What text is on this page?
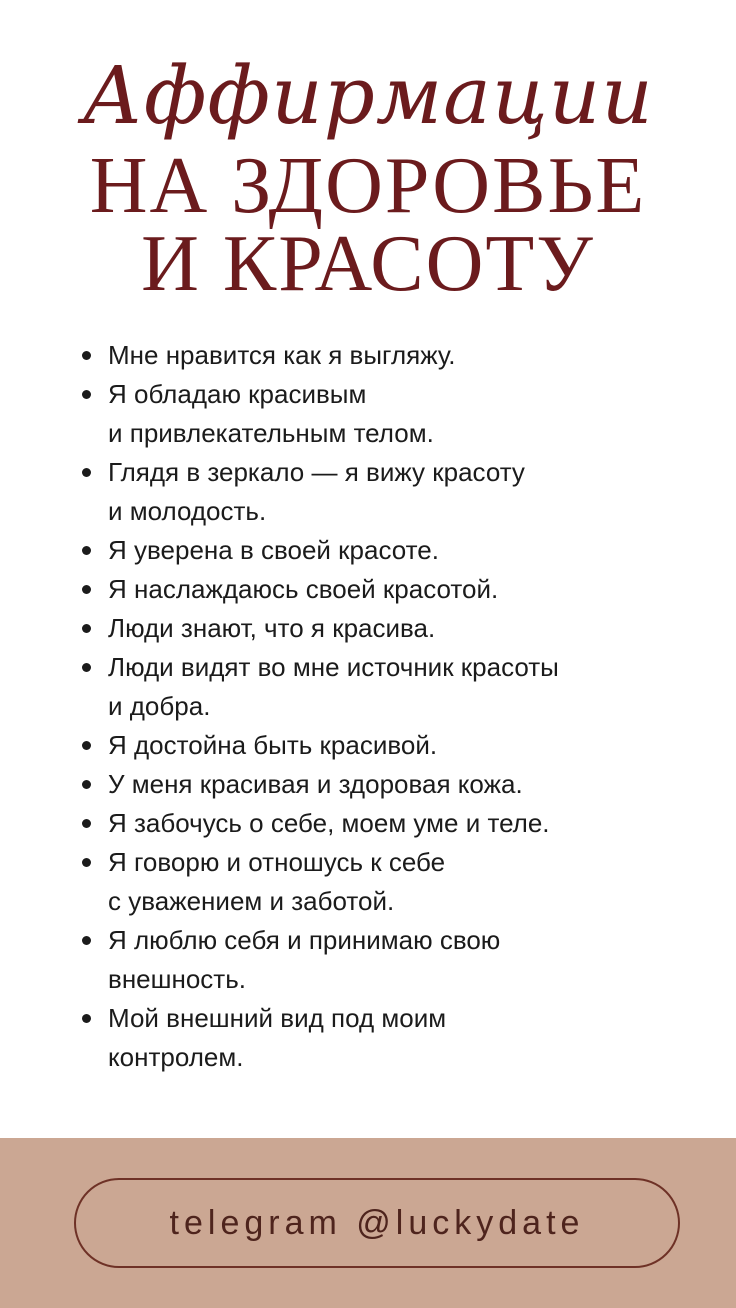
Аффирмации
НА ЗДОРОВЬЕ
И КРАСОТУ
Мне нравится как я выгляжу.
Я обладаю красивым
и привлекательным телом.
Глядя в зеркало — я вижу красоту
и молодость.
Я уверена в своей красоте.
Я наслаждаюсь своей красотой.
Люди знают, что я красива.
Люди видят во мне источник красоты
и добра.
Я достойна быть красивой.
У меня красивая и здоровая кожа.
Я забочусь о себе, моем уме и теле.
Я говорю и отношусь к себе
с уважением и заботой.
Я люблю себя и принимаю свою
внешность.
Мой внешний вид под моим
контролем.
telegram @luckydate
